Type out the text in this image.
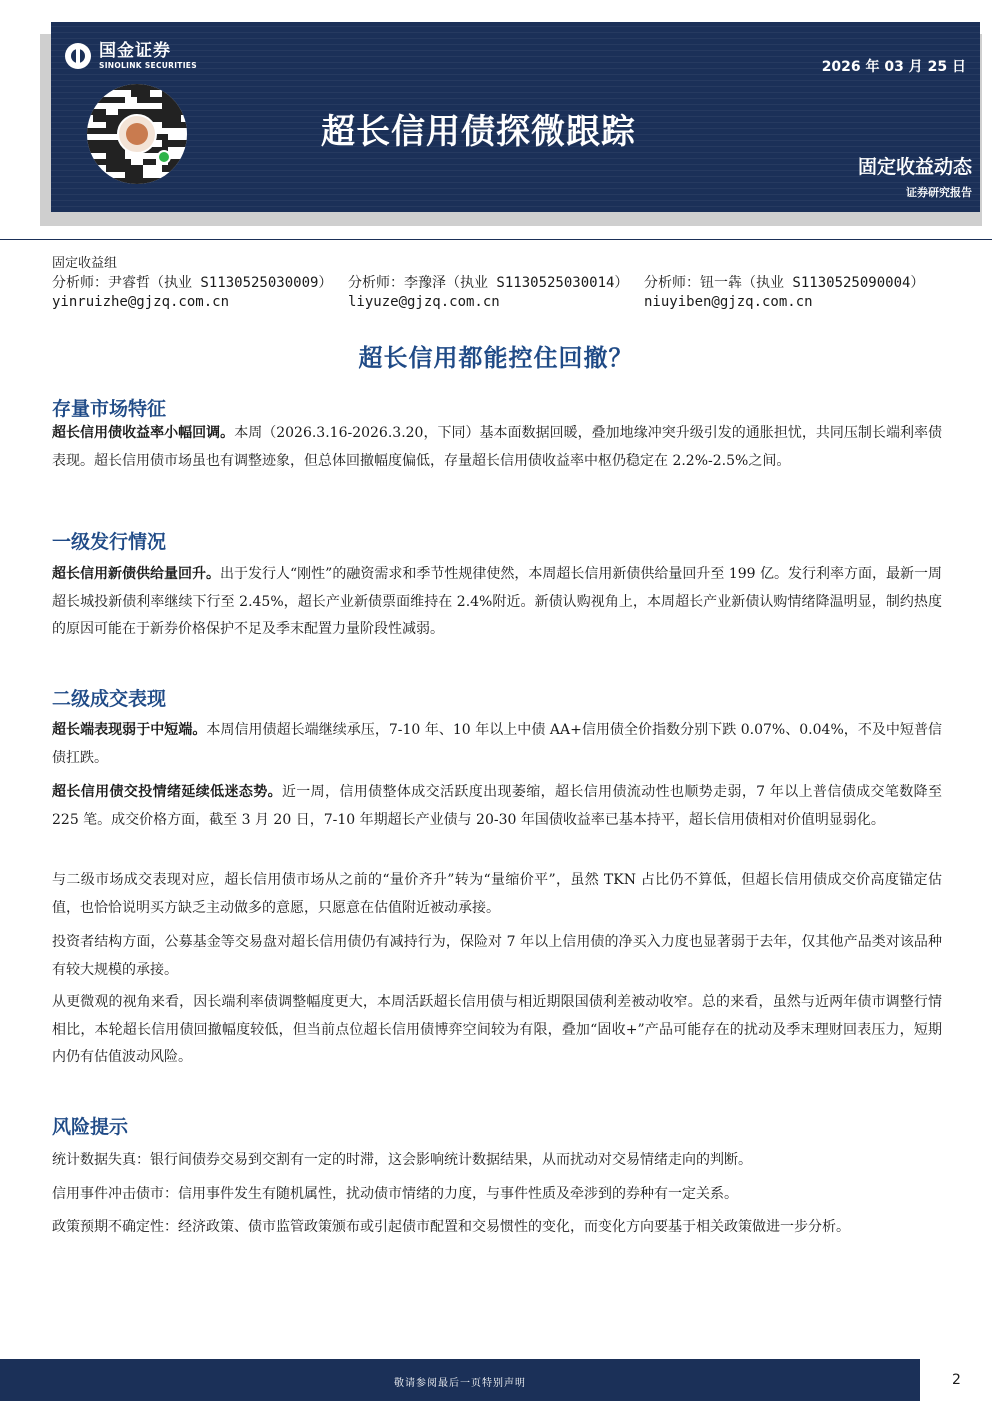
国金证券
SINOLINK SECURITIES	2026 年 03 月 25 日
超长信用债探微跟踪
固定收益动态
证券研究报告
固定收益组
分析师：尹睿哲（执业 S1130525030009）
yinruizhe@gjzq.com.cn
分析师：李豫泽（执业 S1130525030014）
liyuze@gjzq.com.cn
分析师：钮一犇（执业 S1130525090004）
niuyiben@gjzq.com.cn
超长信用都能控住回撤？
存量市场特征
超长信用债收益率小幅回调。本周（2026.3.16-2026.3.20，下同）基本面数据回暖，叠加地缘冲突升级引发的通胀担忧，共同压制长端利率债表现。超长信用债市场虽也有调整迹象，但总体回撤幅度偏低，存量超长信用债收益率中枢仍稳定在 2.2%-2.5%之间。
一级发行情况
超长信用新债供给量回升。出于发行人“刚性”的融资需求和季节性规律使然，本周超长信用新债供给量回升至 199 亿。发行利率方面，最新一周超长城投新债利率继续下行至 2.45%，超长产业新债票面维持在 2.4%附近。新债认购视角上，本周超长产业新债认购情绪降温明显，制约热度的原因可能在于新券价格保护不足及季末配置力量阶段性减弱。
二级成交表现
超长端表现弱于中短端。本周信用债超长端继续承压，7-10 年、10 年以上中债 AA+信用债全价指数分别下跌 0.07%、0.04%，不及中短普信债扛跌。
超长信用债交投情绪延续低迷态势。近一周，信用债整体成交活跃度出现萎缩，超长信用债流动性也顺势走弱，7 年以上普信债成交笔数降至 225 笔。成交价格方面，截至 3 月 20 日，7-10 年期超长产业债与 20-30 年国债收益率已基本持平，超长信用债相对价值明显弱化。
与二级市场成交表现对应，超长信用债市场从之前的“量价齐升”转为“量缩价平”，虽然 TKN 占比仍不算低，但超长信用债成交价高度锚定估值，也恰恰说明买方缺乏主动做多的意愿，只愿意在估值附近被动承接。
投资者结构方面，公募基金等交易盘对超长信用债仍有减持行为，保险对 7 年以上信用债的净买入力度也显著弱于去年，仅其他产品类对该品种有较大规模的承接。
从更微观的视角来看，因长端利率债调整幅度更大，本周活跃超长信用债与相近期限国债利差被动收窄。总的来看，虽然与近两年债市调整行情相比，本轮超长信用债回撤幅度较低，但当前点位超长信用债博弈空间较为有限，叠加“固收+”产品可能存在的扰动及季末理财回表压力，短期内仍有估值波动风险。
风险提示
统计数据失真：银行间债券交易到交割有一定的时滞，这会影响统计数据结果，从而扰动对交易情绪走向的判断。
信用事件冲击债市：信用事件发生有随机属性，扰动债市情绪的力度，与事件性质及牵涉到的券种有一定关系。
政策预期不确定性：经济政策、债市监管政策颁布或引起债市配置和交易惯性的变化，而变化方向要基于相关政策做进一步分析。
敬请参阅最后一页特别声明	2
